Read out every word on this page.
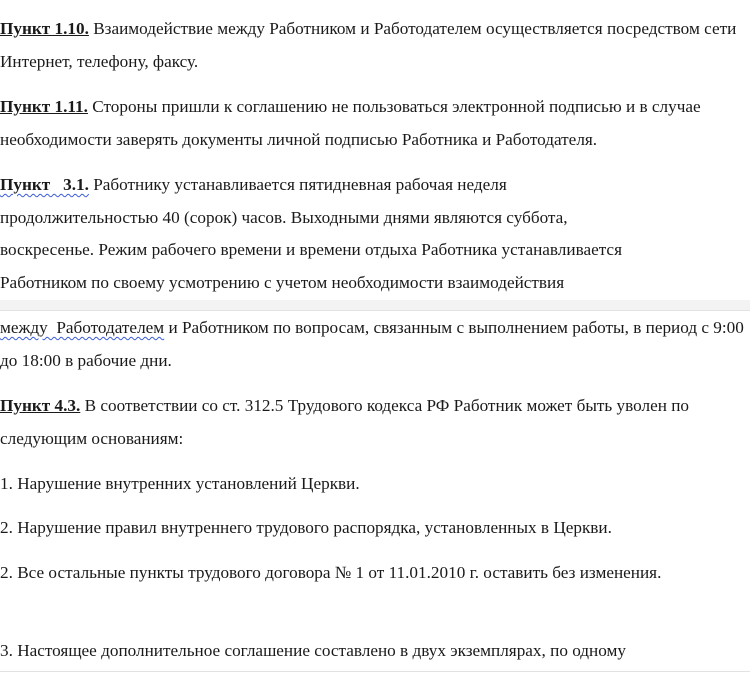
Пункт 1.10. Взаимодействие между Работником и Работодателем осуществляется посредством сети Интернет, телефону, факсу.

Пункт 1.11. Стороны пришли к соглашению не пользоваться электронной подписью и в случае необходимости заверять документы личной подписью Работника и Работодателя.

Пункт   3.1. Работнику устанавливается пятидневная рабочая неделя
продолжительностью 40 (сорок) часов. Выходными днями являются суббота,
воскресенье. Режим рабочего времени и времени отдыха Работника устанавливается
Работником по своему усмотрению с учетом необходимости взаимодействия

между  Работодателем и Работником по вопросам, связанным с выполнением работы, в период с 9:00 до 18:00 в рабочие дни.

Пункт 4.3. В соответствии со ст. 312.5 Трудового кодекса РФ Работник может быть уволен по следующим основаниям:

1. Нарушение внутренних установлений Церкви.

2. Нарушение правил внутреннего трудового распорядка, установленных в Церкви.

2. Все остальные пункты трудового договора № 1 от 11.01.2010 г. оставить без изменения.

3. Настоящее дополнительное соглашение составлено в двух экземплярах, по одному
